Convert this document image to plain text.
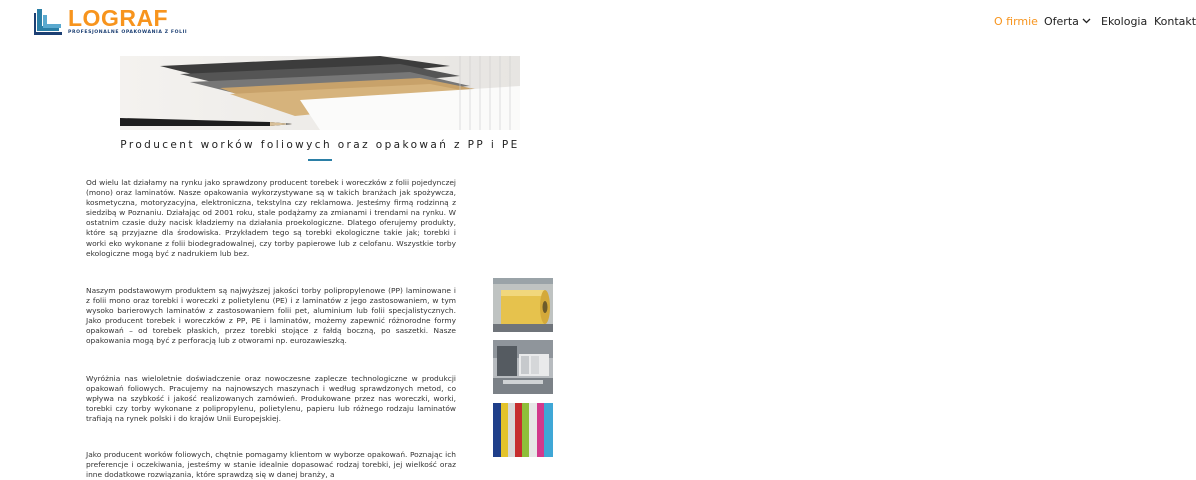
LOGRAF
PROFESJONALNE OPAKOWANIA Z FOLII
O firmie Oferta	Ekologia Kontakt
Producent worków foliowych oraz opakowań z PP i PE

Od wielu lat działamy na rynku jako sprawdzony producent torebek i woreczków z folii pojedynczej (mono) oraz laminatów. Nasze opakowania wykorzystywane są w takich branżach jak spożywcza, kosmetyczna, motoryzacyjna, elektroniczna, tekstylna czy reklamowa. Jesteśmy firmą rodzinną z siedzibą w Poznaniu. Działając od 2001 roku, stale podążamy za zmianami i trendami na rynku. W ostatnim czasie duży nacisk kładziemy na działania proekologiczne. Dlatego oferujemy produkty, które są przyjazne dla środowiska. Przykładem tego są torebki ekologiczne takie jak; torebki i worki eko wykonane z folii biodegradowalnej, czy torby papierowe lub z celofanu. Wszystkie torby ekologiczne mogą być z nadrukiem lub bez.

Naszym podstawowym produktem są najwyższej jakości torby polipropylenowe (PP) laminowane i z folii mono oraz torebki i woreczki z polietylenu (PE) i z laminatów z jego zastosowaniem, w tym wysoko barierowych laminatów z zastosowaniem folii pet, aluminium lub folii specjalistycznych. Jako producent torebek i woreczków z PP, PE i laminatów, możemy zapewnić różnorodne formy opakowań – od torebek płaskich, przez torebki stojące z fałdą boczną, po saszetki. Nasze opakowania mogą być z perforacją lub z otworami np. eurozawieszką.

Wyróżnia nas wieloletnie doświadczenie oraz nowoczesne zaplecze technologiczne w produkcji opakowań foliowych. Pracujemy na najnowszych maszynach i według sprawdzonych metod, co wpływa na szybkość i jakość realizowanych zamówień. Produkowane przez nas woreczki, worki, torebki czy torby wykonane z polipropylenu, polietylenu, papieru lub różnego rodzaju laminatów trafiają na rynek polski i do krajów Unii Europejskiej.

Jako producent worków foliowych, chętnie pomagamy klientom w wyborze opakowań. Poznając ich preferencje i oczekiwania, jesteśmy w stanie idealnie dopasować rodzaj torebki, jej wielkość oraz inne dodatkowe rozwiązania, które sprawdzą się w danej branży, a
